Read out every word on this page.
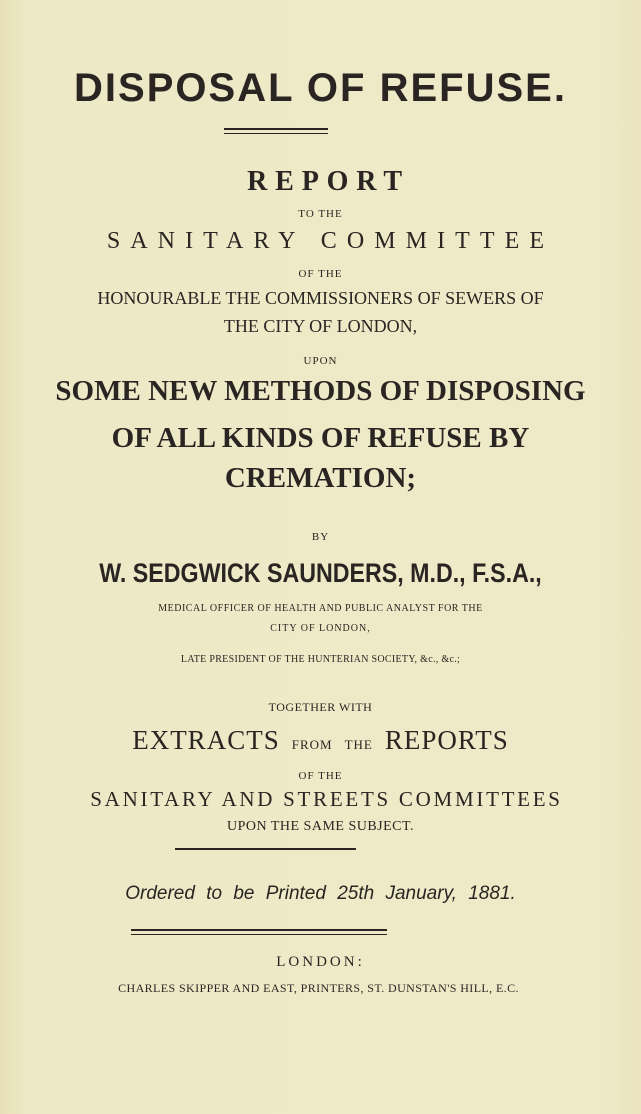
DISPOSAL OF REFUSE.
REPORT
TO THE
SANITARY COMMITTEE
OF THE
HONOURABLE THE COMMISSIONERS OF SEWERS OF
THE CITY OF LONDON,
UPON
SOME NEW METHODS OF DISPOSING
OF ALL KINDS OF REFUSE BY
CREMATION;
BY
W. SEDGWICK SAUNDERS, M.D., F.S.A.,
MEDICAL OFFICER OF HEALTH AND PUBLIC ANALYST FOR THE
CITY OF LONDON,
LATE PRESIDENT OF THE HUNTERIAN SOCIETY, &c., &c.;
TOGETHER WITH
EXTRACTS FROM THE REPORTS
OF THE
SANITARY AND STREETS COMMITTEES
UPON THE SAME SUBJECT.
Ordered to be Printed 25th January, 1881.
LONDON:
CHARLES SKIPPER AND EAST, PRINTERS, ST. DUNSTAN'S HILL, E.C.
